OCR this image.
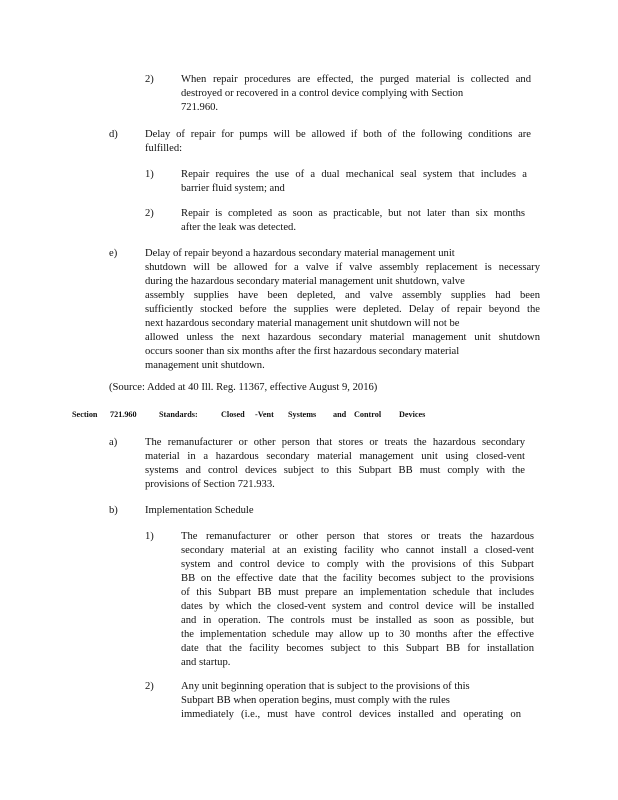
2)	When repair procedures are effected, the purged material is collected and
destroyed or recovered in a control device complying with Section
721.960.
d)	Delay of repair for pumps will be allowed if both of the following conditions are
fulfilled:
1)	Repair requires the use of a dual mechanical seal system that includes a
barrier fluid system; and
2)	Repair is completed as soon as practicable, but not later than six months
after the leak was detected.
e)	Delay of repair beyond a hazardous secondary material management unit
shutdown will be allowed for a valve if valve assembly replacement is necessary
during the hazardous secondary material management unit shutdown, valve
assembly supplies have been depleted, and valve assembly supplies had been
sufficiently stocked before the supplies were depleted. Delay of repair beyond the
next hazardous secondary material management unit shutdown will not be
allowed unless the next hazardous secondary material management unit shutdown
occurs sooner than six months after the first hazardous secondary material
management unit shutdown.
(Source: Added at 40 Ill. Reg. 11367, effective August 9, 2016)
Section 721.960	Standards:	Closed -Vent Systems and Control Devices
a)	The remanufacturer or other person that stores or treats the hazardous secondary
material in a hazardous secondary material management unit using closed-vent
systems and control devices subject to this Subpart BB must comply with the
provisions of Section 721.933.
b)	Implementation Schedule
1)	The remanufacturer or other person that stores or treats the hazardous
secondary material at an existing facility who cannot install a closed-vent
system and control device to comply with the provisions of this Subpart
BB on the effective date that the facility becomes subject to the provisions
of this Subpart BB must prepare an implementation schedule that includes
dates by which the closed-vent system and control device will be installed
and in operation. The controls must be installed as soon as possible, but
the implementation schedule may allow up to 30 months after the effective
date that the facility becomes subject to this Subpart BB for installation
and startup.
2)	Any unit beginning operation that is subject to the provisions of this
Subpart BB when operation begins, must comply with the rules
immediately (i.e., must have control devices installed and operating on
